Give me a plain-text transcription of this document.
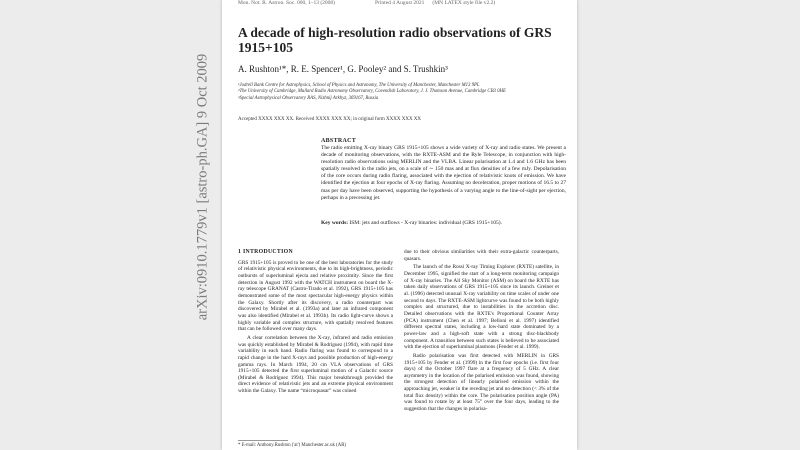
arXiv:0910.1779v1 [astro-ph.GA] 9 Oct 2009
Mon. Not. R. Astron. Soc. 000, 1–13 (2008)	Printed 4 August 2021 (MN LATEX style file v2.2)
A decade of high-resolution radio observations of GRS 1915+105
A. Rushton¹*, R. E. Spencer¹, G. Pooley² and S. Trushkin³
¹Jodrell Bank Centre for Astrophysics, School of Physics and Astronomy, The University of Manchester, Manchester M13 9PL
²The University of Cambridge, Mullard Radio Astronomy Observatory, Cavendish Laboratory, J. J. Thomson Avenue, Cambridge CB3 0HE
³Special Astrophysical Observatory RAS, Nizhnij Arkhyz, 369167, Russia
Accepted XXXX XXX XX. Received XXXX XXX XX; in original form XXXX XXX XX
ABSTRACT
The radio emitting X-ray binary GRS 1915+105 shows a wide variety of X-ray and radio states. We present a decade of monitoring observations, with the RXTE-ASM and the Ryle Telescope, in conjunction with high-resolution radio observations using MERLIN and the VLBA. Linear polarisation at 1.4 and 1.6 GHz has been spatially resolved in the radio jets, on a scale of ∼ 150 mas and at flux densities of a few mJy. Depolarisation of the core occurs during radio flaring, associated with the ejection of relativistic knots of emission. We have identified the ejection at four epochs of X-ray flaring. Assuming no deceleration, proper motions of 16.5 to 27 mas per day have been observed, supporting the hypothesis of a varying angle to the line-of-sight per ejection, perhaps in a precessing jet.
Key words: ISM: jets and outflows - X-ray binaries: individual (GRS 1915+105).
1 INTRODUCTION

GRS 1915+105 is proved to be one of the best laboratories for the study of relativistic physical environments, due to its high-brightness, periodic outbursts of superluminal ejecta and relative proximity. Since the first detection in August 1992 with the WATCH instrument on board the X-ray telescope GRANAT (Castro-Tirado et al. 1992), GRS 1915+105 has demonstrated some of the most spectacular high-energy physics within the Galaxy. Shortly after its discovery, a radio counterpart was discovered by Mirabel et al. (1993a) and later an infrared component was also identified (Mirabel et al. 1993b). Its radio light-curve shows a highly variable and complex structure, with spatially resolved features that can be followed over many days.

A clear correlation between the X-ray, infrared and radio emission was quickly established by Mirabel & Rodríguez (1994), with rapid time variability in each band. Radio flaring was found to correspond to a rapid change in the hard X-rays and possible production of high-energy gamma rays. In March 1994, 20 cm VLA observations of GRS 1915+105 detected the first superluminal motion of a Galactic source (Mirabel & Rodríguez 1994). This major breakthrough provided the direct evidence of relativistic jets and an extreme physical environment within the Galaxy. The name “microquasar” was coined

due to their obvious similarities with their extra-galactic counterparts, quasars.

The launch of the Rossi X-ray Timing Explorer (RXTE) satellite, in December 1995, signified the start of a long-term monitoring campaign of X-ray binaries. The All Sky Monitor (ASM) on board the RXTE has taken daily observations of GRS 1915+105 since its launch. Greiner et al. (1996) detected unusual X-ray variability on time scales of under one second to days. The RXTE-ASM lightcurve was found to be both highly complex and structured, due to instabilities in the accretion disc. Detailed observations with the RXTE's Proportional Counter Array (PCA) instrument (Chen et al. 1997; Belloni et al. 1997) identified different spectral states, including a low-hard state dominated by a power-law and a high-soft state with a strong disc-blackbody component. A transition between such states is believed to be associated with the ejection of superluminal plasmons (Fender et al. 1999).

Radio polarisation was first detected with MERLIN in GRS 1915+105 by Fender et al. (1999) in the first four epochs (i.e. first four days) of the October 1997 flare at a frequency of 5 GHz. A clear asymmetry in the location of the polarised emission was found, showing the strongest detection of linearly polarised emission within the approaching jet, weaker in the receding jet and no detection (< 3% of the total flux density) within the core. The polarisation position angle (PA) was found to rotate by at least 75° over the four days, leading to the suggestion that the changes in polarisa-

* E-mail: Anthony.Rushton ('at') Manchester.ac.uk (AR)
